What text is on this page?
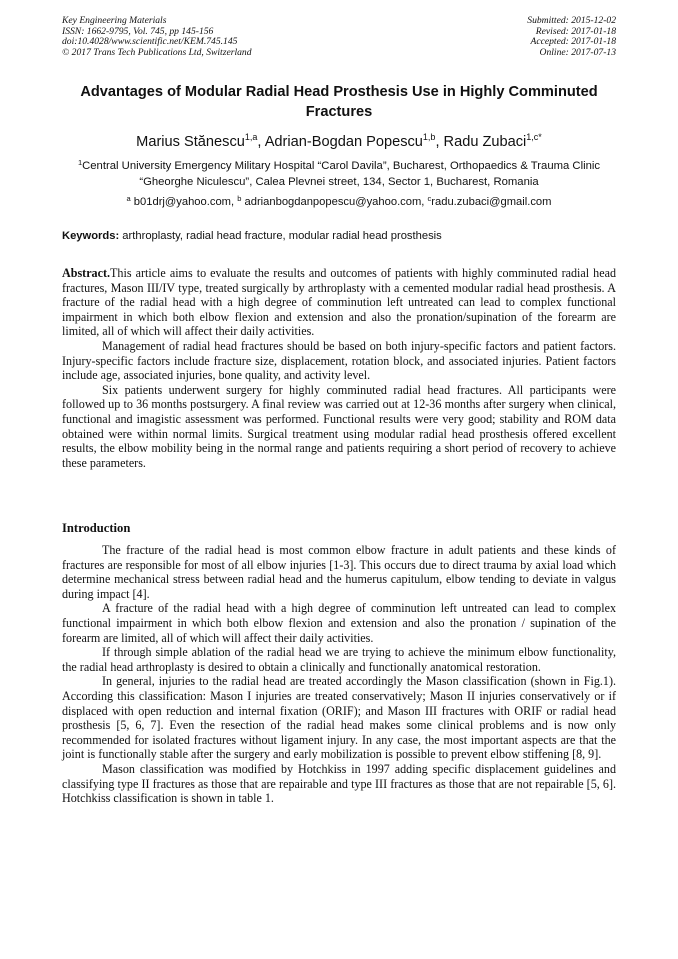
Key Engineering Materials
ISSN: 1662-9795, Vol. 745, pp 145-156
doi:10.4028/www.scientific.net/KEM.745.145
© 2017 Trans Tech Publications Ltd, Switzerland
Submitted: 2015-12-02
Revised: 2017-01-18
Accepted: 2017-01-18
Online: 2017-07-13
Advantages of Modular Radial Head Prosthesis Use in Highly Comminuted Fractures
Marius Stănescu$^{1,a}$, Adrian-Bogdan Popescu$^{1,b}$, Radu Zubaci$^{1,c*}$
$^1$Central University Emergency Military Hospital “Carol Davila”, Bucharest, Orthopaedics & Trauma Clinic “Gheorghe Niculescu”, Calea Plevnei street, 134, Sector 1, Bucharest, Romania
$^a$ b01drj@yahoo.com, $^b$ adrianbogdanpopescu@yahoo.com, $^c$radu.zubaci@gmail.com
Keywords: arthroplasty, radial head fracture, modular radial head prosthesis

Abstract.This article aims to evaluate the results and outcomes of patients with highly comminuted radial head fractures, Mason III/IV type, treated surgically by arthroplasty with a cemented modular radial head prosthesis. A fracture of the radial head with a high degree of comminution left untreated can lead to complex functional impairment in which both elbow flexion and extension and also the pronation/supination of the forearm are limited, all of which will affect their daily activities.

Management of radial head fractures should be based on both injury-specific factors and patient factors. Injury-specific factors include fracture size, displacement, rotation block, and associated injuries. Patient factors include age, associated injuries, bone quality, and activity level.

Six patients underwent surgery for highly comminuted radial head fractures. All participants were followed up to 36 months postsurgery. A final review was carried out at 12-36 months after surgery when clinical, functional and imagistic assessment was performed. Functional results were very good; stability and ROM data obtained were within normal limits. Surgical treatment using modular radial head prosthesis offered excellent results, the elbow mobility being in the normal range and patients requiring a short period of recovery to achieve these parameters.

Introduction

The fracture of the radial head is most common elbow fracture in adult patients and these kinds of fractures are responsible for most of all elbow injuries [1-3]. This occurs due to direct trauma by axial load which determine mechanical stress between radial head and the humerus capitulum, elbow tending to deviate in valgus during impact [4].

A fracture of the radial head with a high degree of comminution left untreated can lead to complex functional impairment in which both elbow flexion and extension and also the pronation / supination of the forearm are limited, all of which will affect their daily activities.

If through simple ablation of the radial head we are trying to achieve the minimum elbow functionality, the radial head arthroplasty is desired to obtain a clinically and functionally anatomical restoration.

In general, injuries to the radial head are treated accordingly the Mason classification (shown in Fig.1). According this classification: Mason I injuries are treated conservatively; Mason II injuries conservatively or if displaced with open reduction and internal fixation (ORIF); and Mason III fractures with ORIF or radial head prosthesis [5, 6, 7]. Even the resection of the radial head makes some clinical problems and is now only recommended for isolated fractures without ligament injury. In any case, the most important aspects are that the joint is functionally stable after the surgery and early mobilization is possible to prevent elbow stiffening [8, 9].

Mason classification was modified by Hotchkiss in 1997 adding specific displacement guidelines and classifying type II fractures as those that are repairable and type III fractures as those that are not repairable [5, 6]. Hotchkiss classification is shown in table 1.
